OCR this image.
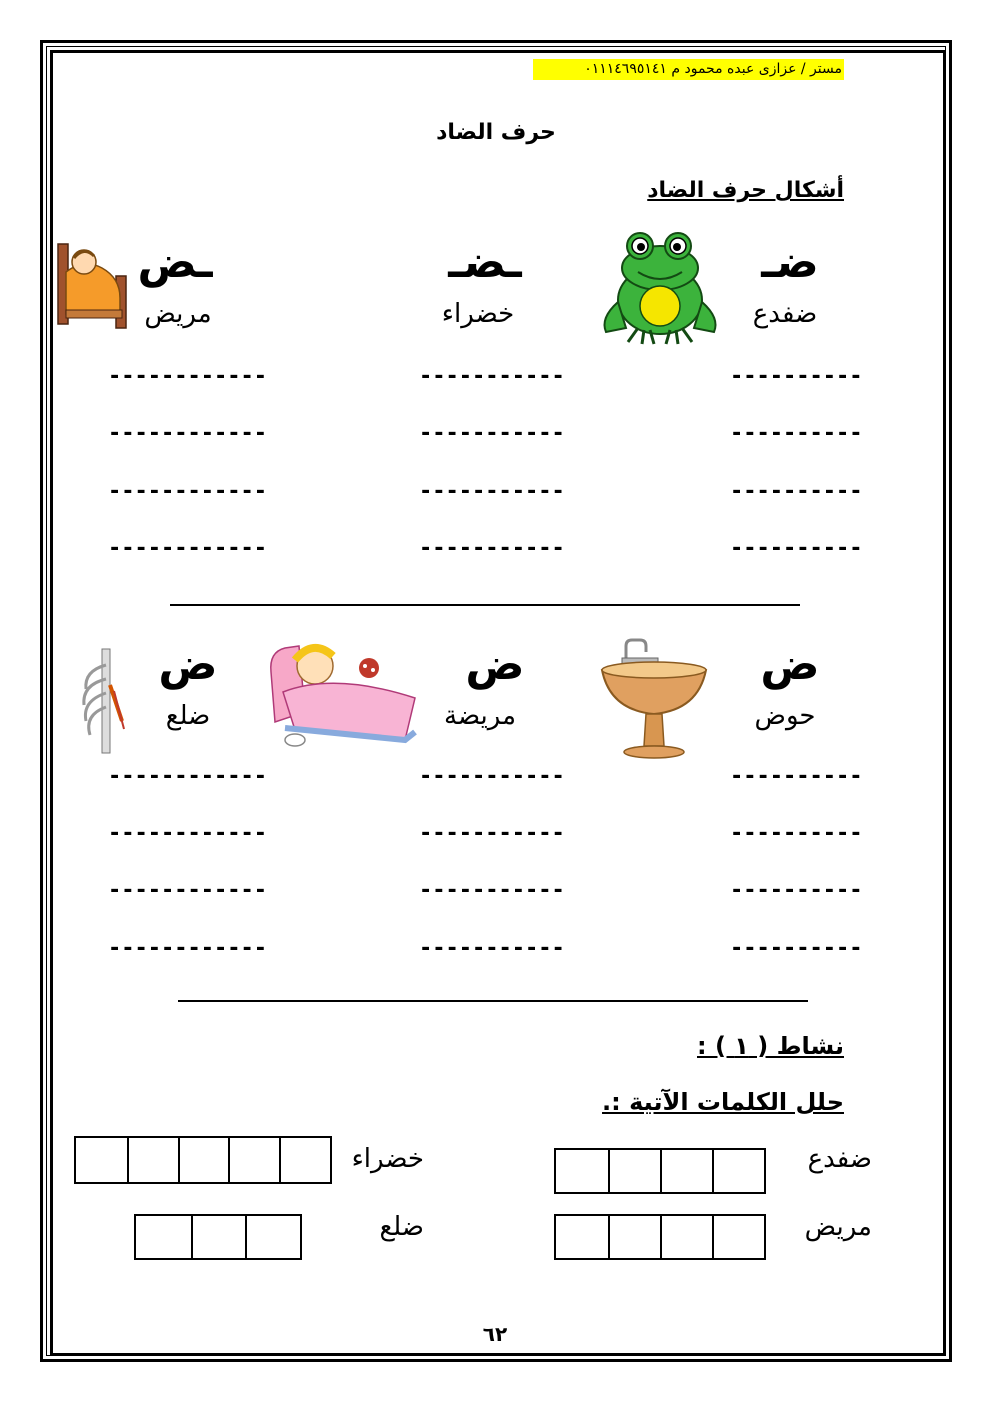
مستر / عزازى عبده محمود م ٠١١١٤٦٩٥١٤١
حرف الضاد
أشكال حرف الضاد
ضـ
ضفدع
ـضـ
خضراء
ـض
مريض
----------
-----------
------------
----------
-----------
------------
----------
-----------
------------
----------
-----------
------------
ض
حوض
ض
مريضة
ض
ضلع
----------
-----------
------------
----------
-----------
------------
----------
-----------
------------
----------
-----------
------------
نشاط ( ١ ) :
حلل الكلمات الآتية :.
ضفدع
خضراء
مريض
ضلع
٦٢
